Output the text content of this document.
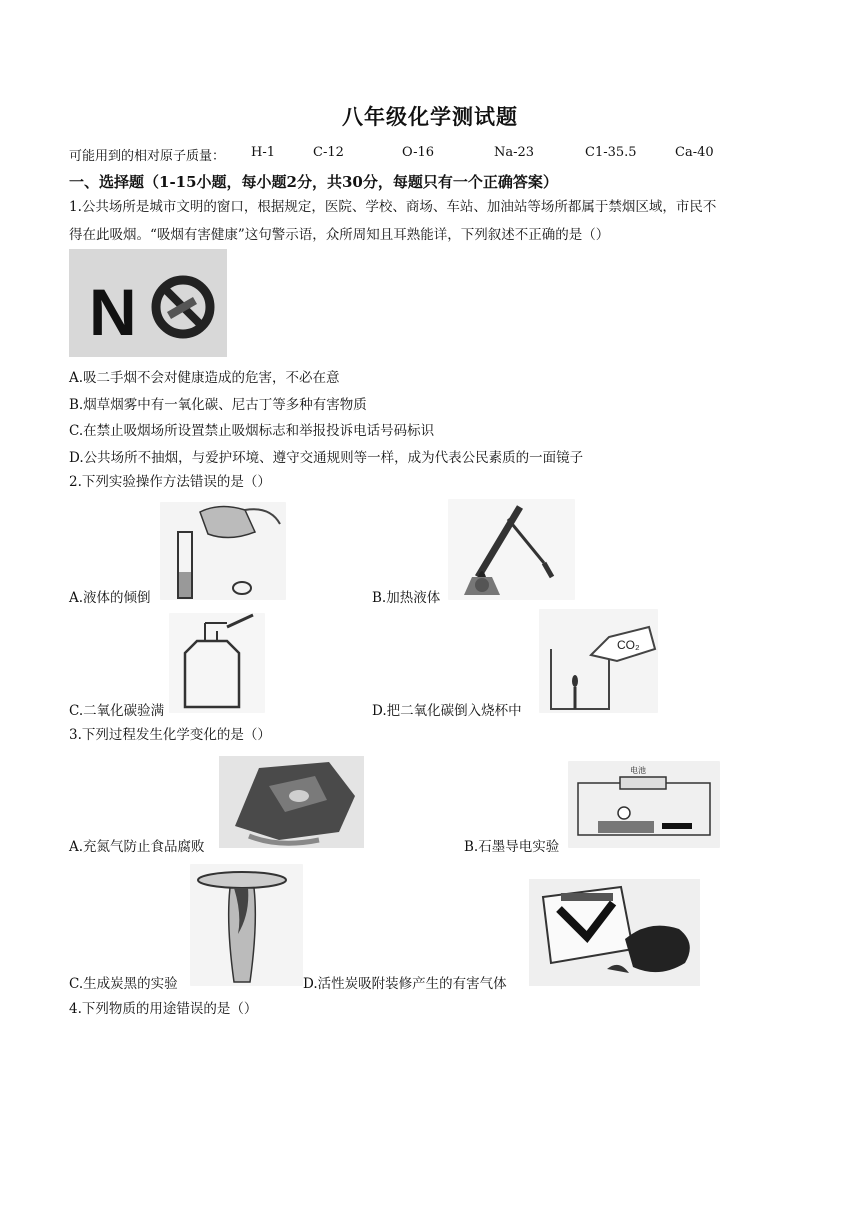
八年级化学测试题
可能用到的相对原子质量： H-1	C-12	O-16	Na-23	C1-35.5	Ca-40
一、选择题（1-15小题，每小题2分，共30分，每题只有一个正确答案）
1.公共场所是城市文明的窗口，根据规定，医院、学校、商场、车站、加油站等场所都属于禁烟区域，市民不
得在此吸烟。“吸烟有害健康”这句警示语，众所周知且耳熟能详，下列叙述不正确的是（）
N
A.吸二手烟不会对健康造成的危害，不必在意
B.烟草烟雾中有一氧化碳、尼古丁等多种有害物质
C.在禁止吸烟场所设置禁止吸烟标志和举报投诉电话号码标识
D.公共场所不抽烟，与爱护环境、遵守交通规则等一样，成为代表公民素质的一面镜子
2.下列实验操作方法错误的是（）
A.液体的倾倒	B.加热液体
C.二氧化碳验满
CO₂
D.把二氧化碳倒入烧杯中
3.下列过程发生化学变化的是（）
A.充氮气防止食品腐败
电池
B.石墨导电实验
C.生成炭黑的实验	D.活性炭吸附装修产生的有害气体
4.下列物质的用途错误的是（）
